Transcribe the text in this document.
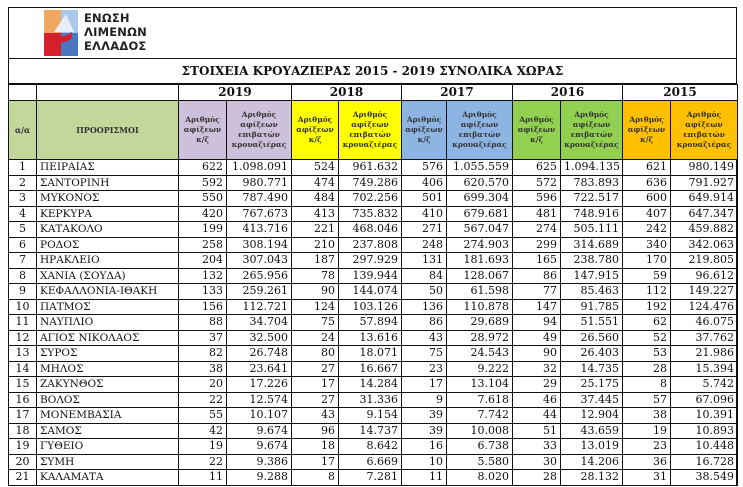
ΕΝΩΣΗ
ΛΙΜΕΝΩΝ
ΕΛΛΑΔΟΣ
ΣΤΟΙΧΕΙΑ ΚΡΟΥΑΖΙΕΡΑΣ 2015 - 2019 ΣΥΝΟΛΙΚΑ ΧΩΡΑΣ
		2019		2018		2017		2016		2015	
α/α	ΠΡΟΟΡΙΣΜΟΙ	Αριθμός αφίξεων κ/ζ	Αριθμός αφίξεων επιβατών κρουαζιέρας	Αριθμός αφίξεων κ/ζ	Αριθμός αφίξεων επιβατών κρουαζιέρας	Αριθμός αφίξεων κ/ζ	Αριθμός αφίξεων επιβατών κρουαζιέρας	Αριθμός αφίξεων κ/ζ	Αριθμός αφίξεων επιβατών κρουαζιέρας	Αριθμός αφίξεων κ/ζ	Αριθμός αφίξεων επιβατών κρουαζιέρας
1	ΠΕΙΡΑΙΑΣ	622	1.098.091	524	961.632	576	1.055.559	625	1.094.135	621	980.149
2	ΣΑΝΤΟΡΙΝΗ	592	980.771	474	749.286	406	620.570	572	783.893	636	791.927
3	ΜΥΚΟΝΟΣ	550	787.490	484	702.256	501	699.304	596	722.517	600	649.914
4	ΚΕΡΚΥΡΑ	420	767.673	413	735.832	410	679.681	481	748.916	407	647.347
5	ΚΑΤΑΚΟΛΟ	199	413.716	221	468.046	271	567.047	274	505.111	242	459.882
6	ΡΟΔΟΣ	258	308.194	210	237.808	248	274.903	299	314.689	340	342.063
7	ΗΡΑΚΛΕΙΟ	204	307.043	187	297.929	131	181.693	165	238.780	170	219.805
8	ΧΑΝΙΑ (ΣΟΥΔΑ)	132	265.956	78	139.944	84	128.067	86	147.915	59	96.612
9	ΚΕΦΑΛΛΟΝΙΑ-ΙΘΑΚΗ	133	259.261	90	144.074	50	61.598	77	85.463	112	149.227
10	ΠΑΤΜΟΣ	156	112.721	124	103.126	136	110.878	147	91.785	192	124.476
11	ΝΑΥΠΛΙΟ	88	34.704	75	57.894	86	29.689	94	51.551	62	46.075
12	ΑΓΙΟΣ ΝΙΚΟΛΑΟΣ	37	32.500	24	13.616	43	28.972	49	26.560	52	37.762
13	ΣΥΡΟΣ	82	26.748	80	18.071	75	24.543	90	26.403	53	21.986
14	ΜΗΛΟΣ	38	23.641	27	16.667	23	9.222	32	14.735	28	15.394
15	ΖΑΚΥΝΘΟΣ	20	17.226	17	14.284	17	13.104	29	25.175	8	5.742
16	ΒΟΛΟΣ	22	12.574	27	31.336	9	7.618	46	37.445	57	67.096
17	ΜΟΝΕΜΒΑΣΙΑ	55	10.107	43	9.154	39	7.742	44	12.904	38	10.391
18	ΣΑΜΟΣ	42	9.674	96	14.737	39	10.008	51	43.659	19	10.893
19	ΓΥΘΕΙΟ	19	9.674	18	8.642	16	6.738	33	13.019	23	10.448
20	ΣΥΜΗ	22	9.386	17	6.669	10	5.580	30	14.206	36	16.728
21	ΚΑΛΑΜΑΤΑ	11	9.288	8	7.281	11	8.020	28	28.132	31	38.549
